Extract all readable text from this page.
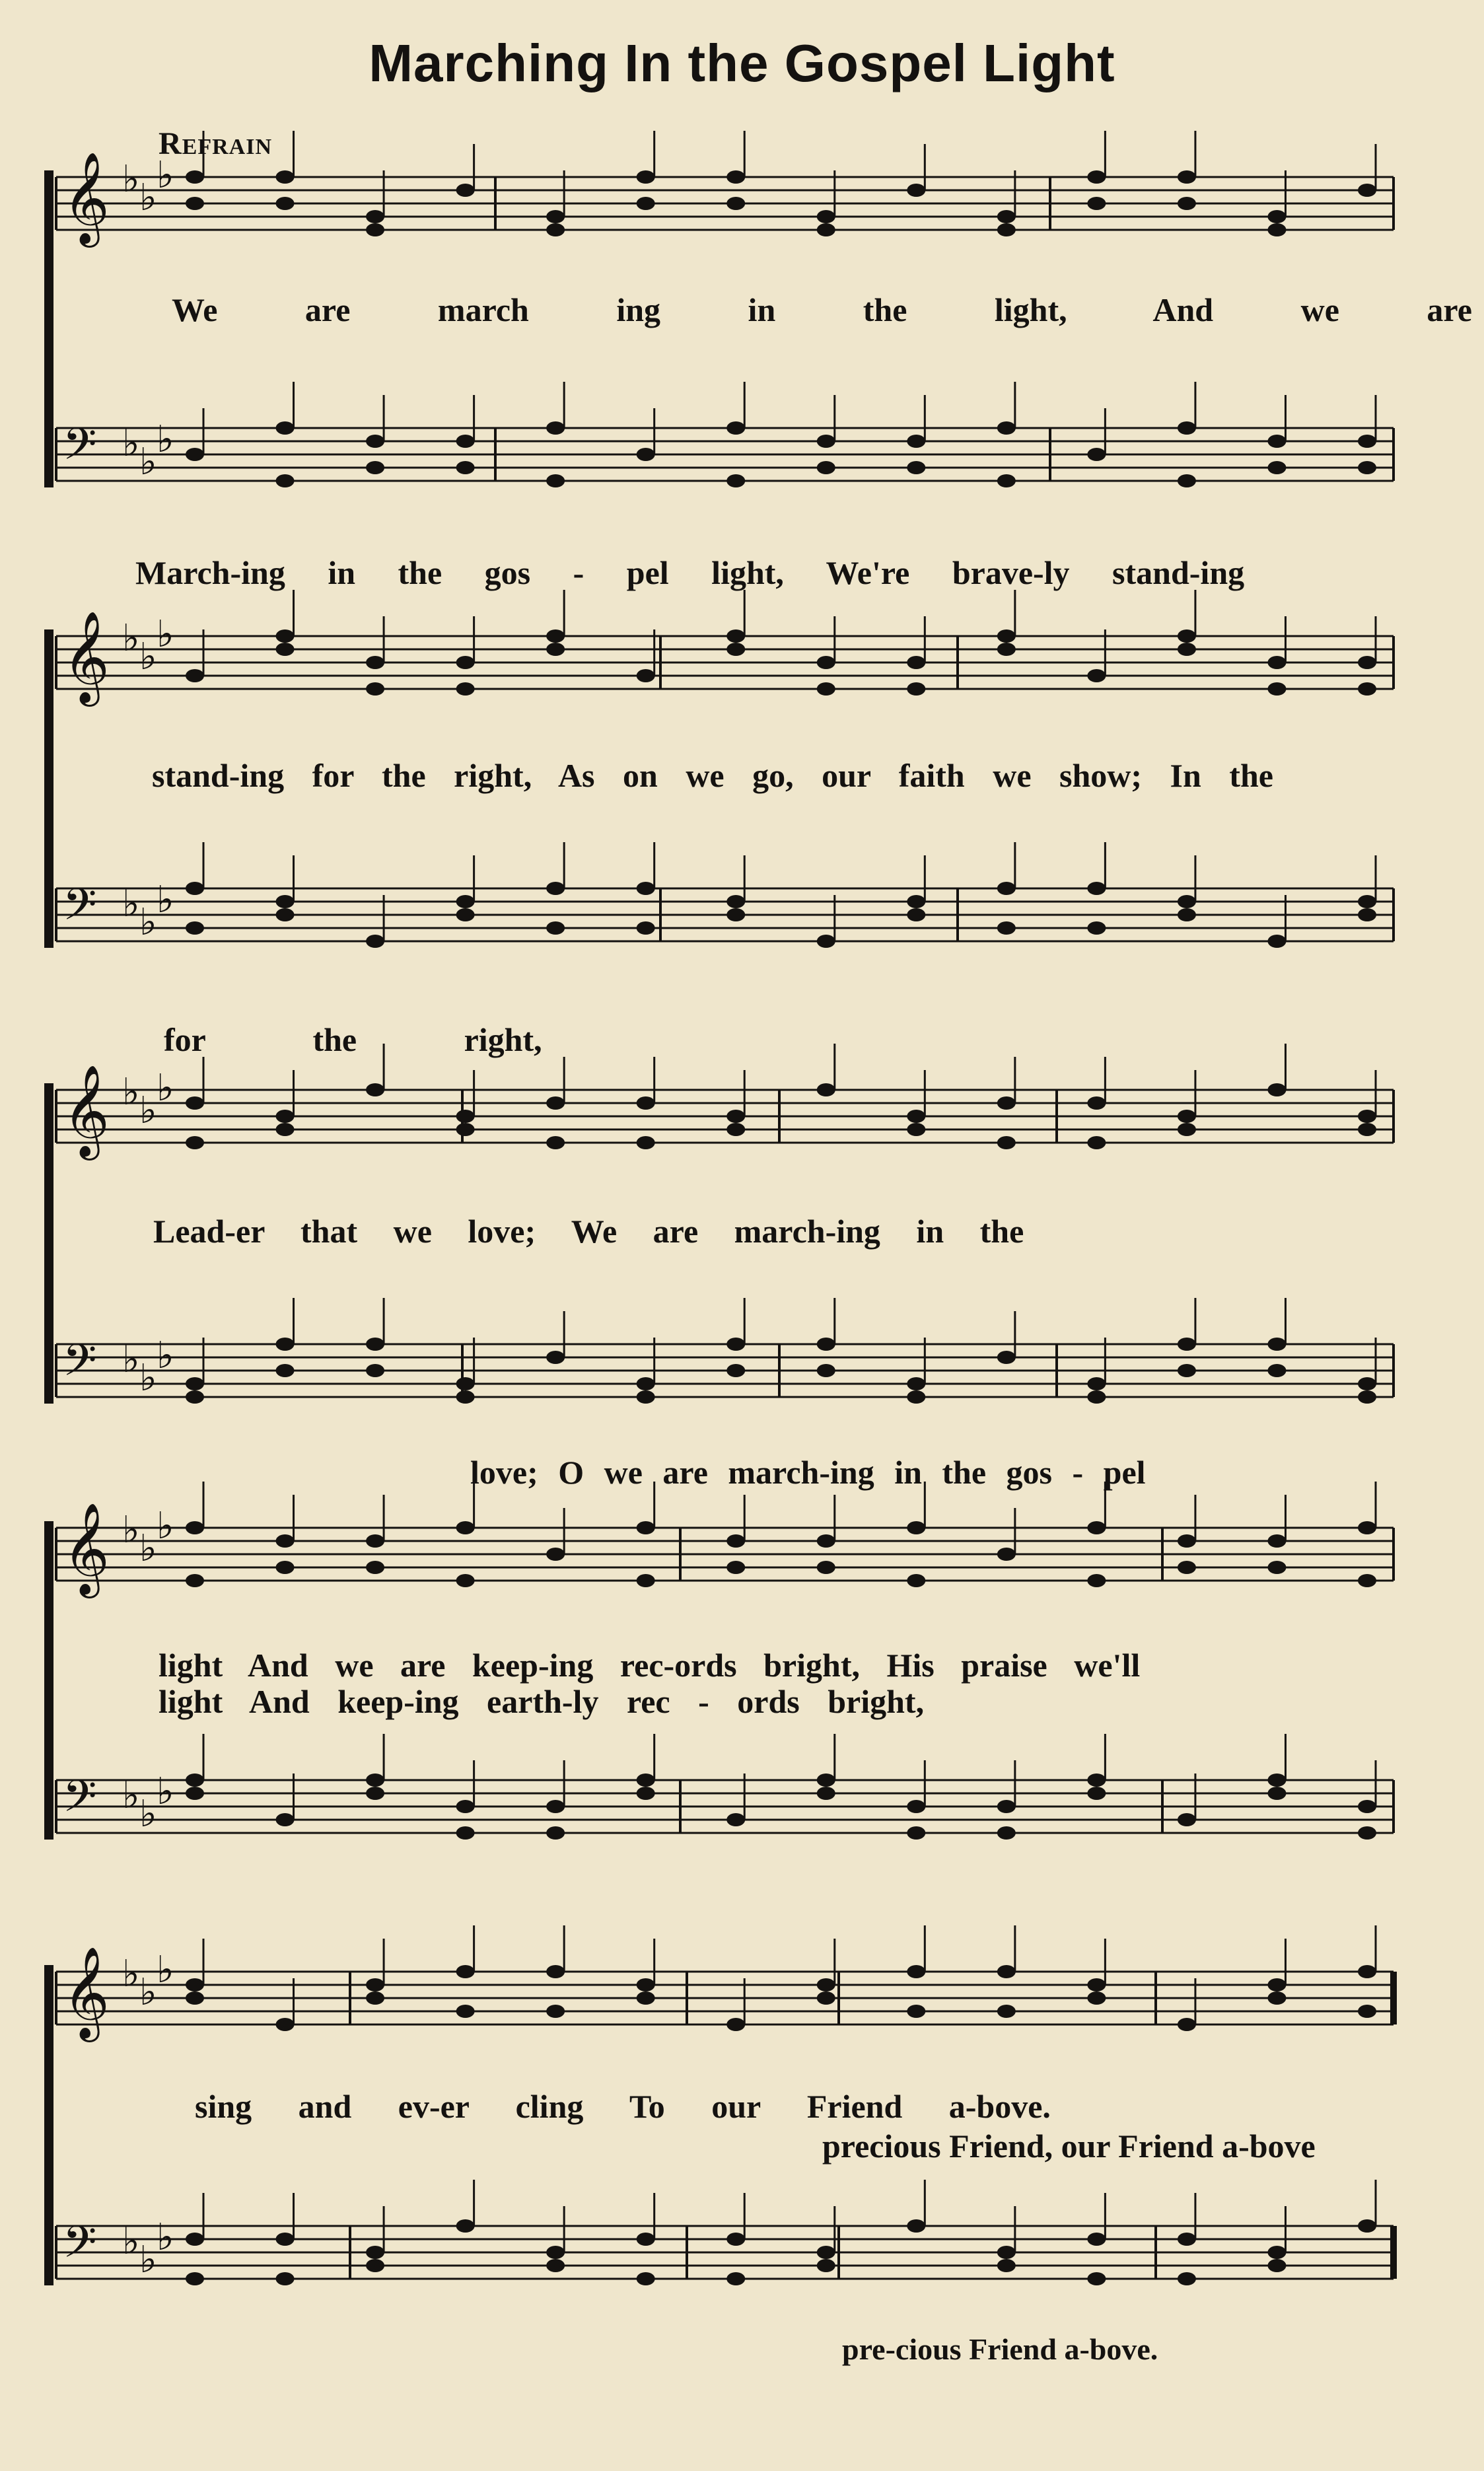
Marching In the Gospel Light
Refrain
𝄞 ♭ ♭
♭
𝄢 ♭ ♭
♭
𝄞 ♭ ♭
♭
𝄢 ♭ ♭
♭
𝄞 ♭ ♭
♭
𝄢 ♭ ♭
♭
𝄞 ♭ ♭
♭
𝄢 ♭ ♭
♭
𝄞 ♭ ♭
♭
𝄢 ♭ ♭
♭
We are march ing in the light, And we are
March-ing in the gos - pel light, We're brave-ly stand-ing
stand-ing for the right, As on we go, our faith we show; In the
for the right,
Lead-er that we love; We are march-ing in the
love; O we are march-ing in the gos - pel
light And we are keep-ing rec-ords bright, His praise we'll
light And keep-ing earth-ly rec - ords bright,
sing and ev-er cling To our Friend a-bove.
precious Friend, our Friend a-bove
pre-cious Friend a-bove.
